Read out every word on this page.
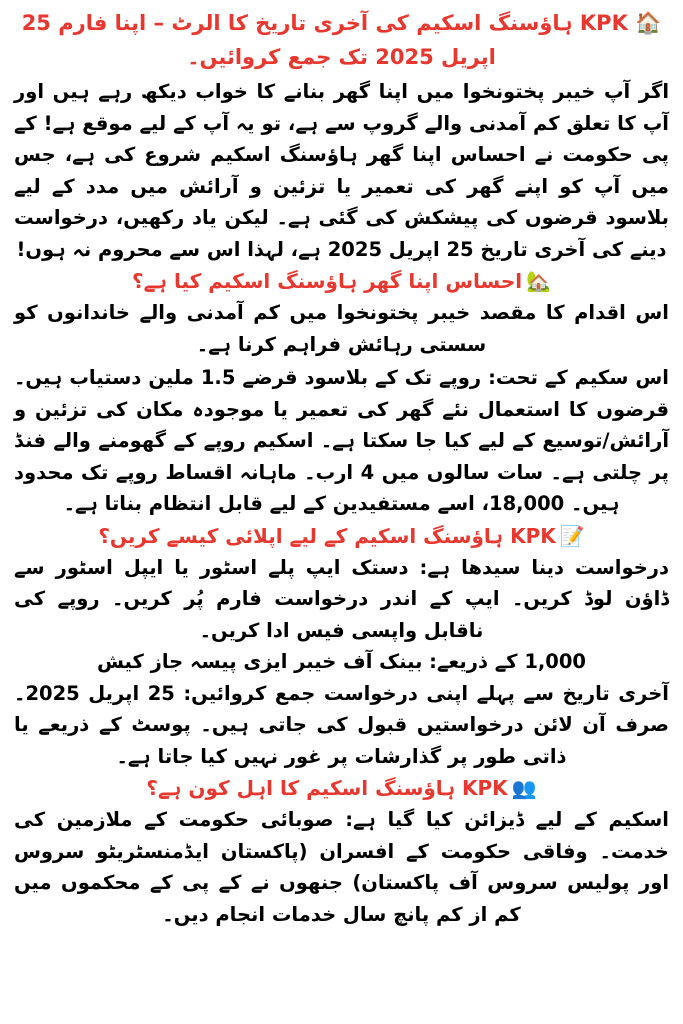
🏠 KPK ہاؤسنگ اسکیم کی آخری تاریخ کا الرٹ – اپنا فارم 25 اپریل 2025 تک جمع کروائیں۔

اگر آپ خیبر پختونخوا میں اپنا گھر بنانے کا خواب دیکھ رہے ہیں اور آپ کا تعلق کم آمدنی والے گروپ سے ہے، تو یہ آپ کے لیے موقع ہے! کے پی حکومت نے احساس اپنا گھر ہاؤسنگ اسکیم شروع کی ہے، جس میں آپ کو اپنے گھر کی تعمیر یا تزئین و آرائش میں مدد کے لیے بلاسود قرضوں کی پیشکش کی گئی ہے۔ لیکن یاد رکھیں، درخواست دینے کی آخری تاریخ 25 اپریل 2025 ہے، لہذا اس سے محروم نہ ہوں!

🏡احساس اپنا گھر ہاؤسنگ اسکیم کیا ہے؟

اس اقدام کا مقصد خیبر پختونخوا میں کم آمدنی والے خاندانوں کو سستی رہائش فراہم کرنا ہے۔

اس سکیم کے تحت: روپے تک کے بلاسود قرضے 1.5 ملین دستیاب ہیں۔ قرضوں کا استعمال نئے گھر کی تعمیر یا موجودہ مکان کی تزئین و آرائش/توسیع کے لیے کیا جا سکتا ہے۔ اسکیم روپے کے گھومنے والے فنڈ پر چلتی ہے۔ سات سالوں میں 4 ارب۔ ماہانہ اقساط روپے تک محدود ہیں۔ 18,000، اسے مستفیدین کے لیے قابل انتظام بناتا ہے۔

📝KPK ہاؤسنگ اسکیم کے لیے اپلائی کیسے کریں؟

درخواست دینا سیدھا ہے: دستک ایپ پلے اسٹور یا ایپل اسٹور سے ڈاؤن لوڈ کریں۔ ایپ کے اندر درخواست فارم پُر کریں۔ روپے کی ناقابل واپسی فیس ادا کریں۔

1,000 کے ذریعے: بینک آف خیبر ایزی پیسہ جاز کیش

آخری تاریخ سے پہلے اپنی درخواست جمع کروائیں: 25 اپریل 2025۔ صرف آن لائن درخواستیں قبول کی جاتی ہیں۔ پوسٹ کے ذریعے یا ذاتی طور پر گذارشات پر غور نہیں کیا جاتا ہے۔

👥KPK ہاؤسنگ اسکیم کا اہل کون ہے؟

اسکیم کے لیے ڈیزائن کیا گیا ہے: صوبائی حکومت کے ملازمین کی خدمت۔ وفاقی حکومت کے افسران (پاکستان ایڈمنسٹریٹو سروس اور پولیس سروس آف پاکستان) جنھوں نے کے پی کے محکموں میں کم از کم پانچ سال خدمات انجام دیں۔
